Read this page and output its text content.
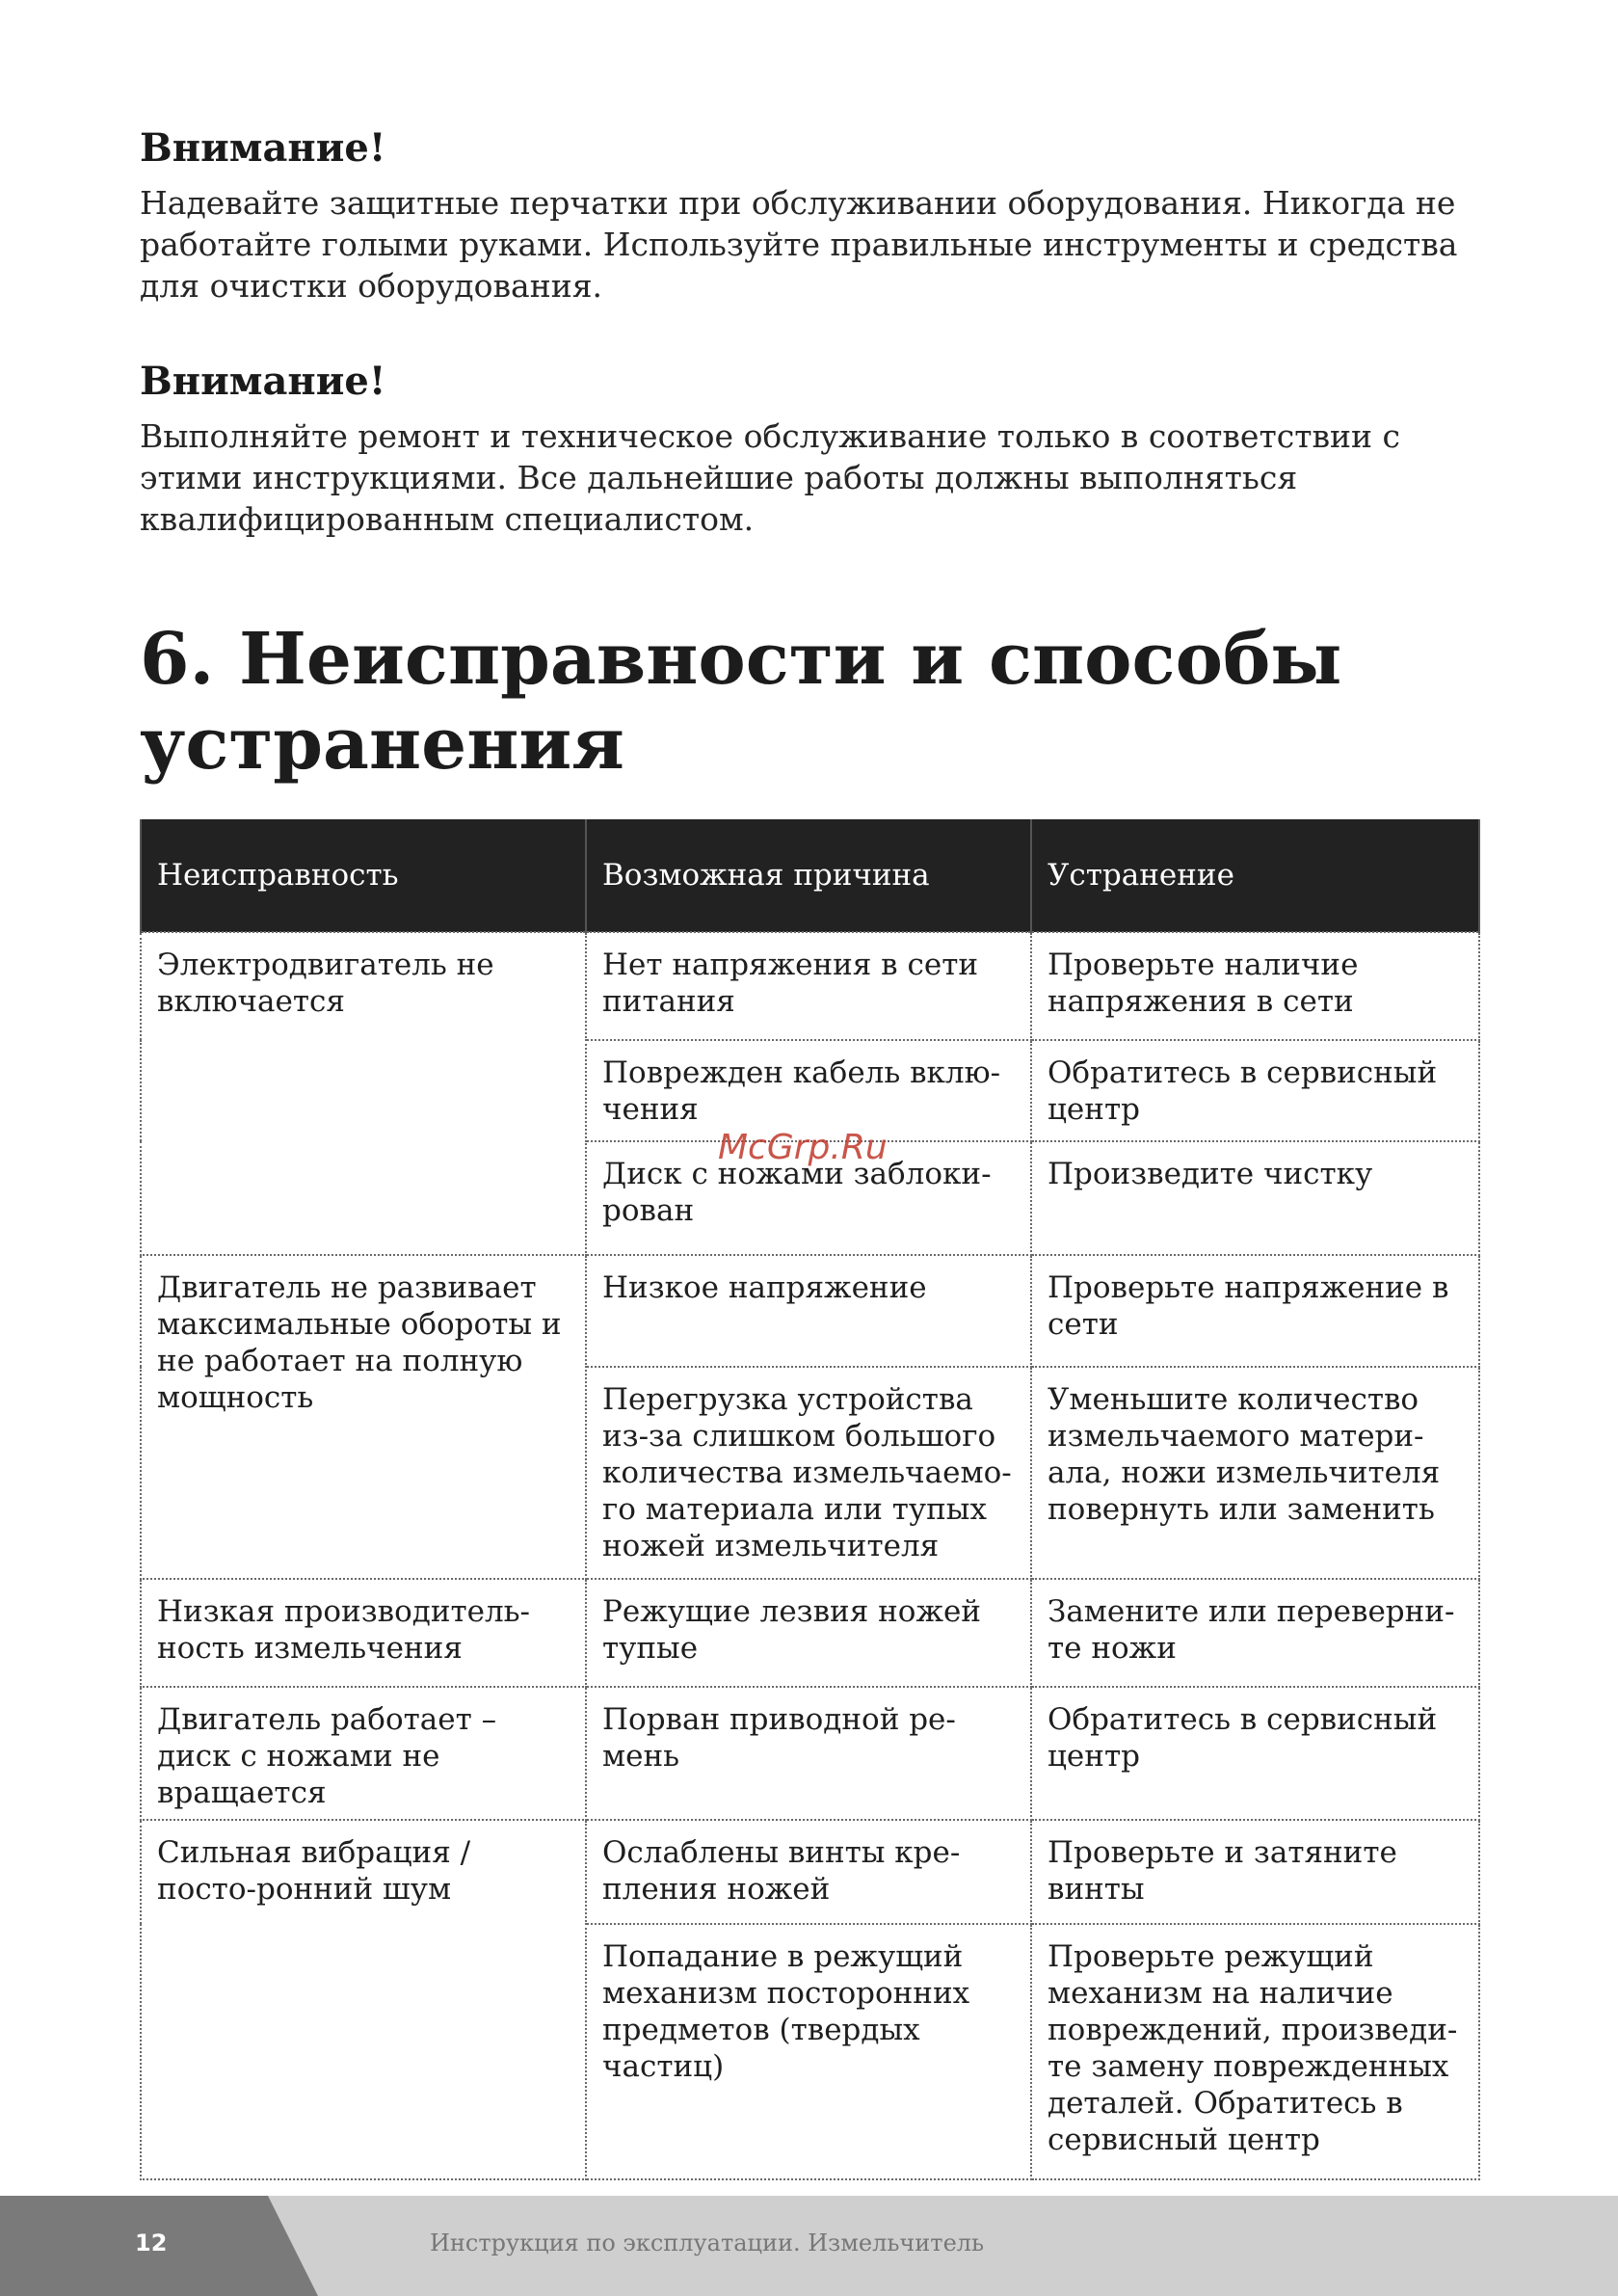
Внимание!

Надевайте защитные перчатки при обслуживании оборудования. Никогда не работайте голыми руками. Используйте правильные инструменты и средства для очистки оборудования.

Внимание!

Выполняйте ремонт и техническое обслуживание только в соответствии с этими инструкциями. Все дальнейшие работы должны выполняться квалифицированным специалистом.

6. Неисправности и способы устранения
Неисправность	Возможная причина	Устранение
Электродвигатель не включается	Нет напряжения в сети питания	Проверьте наличие напряжения в сети
	Поврежден кабель вклю-чения	Обратитесь в сервисный центр
	Диск с ножами заблоки-рован	Произведите чистку
Двигатель не развивает максимальные обороты и не работает на полную мощность	Низкое напряжение	Проверьте напряжение в сети
	Перегрузка устройства из-за слишком большого количества измельчаемо-го материала или тупых ножей измельчителя	Уменьшите количество измельчаемого матери-ала, ножи измельчителя повернуть или заменить
Низкая производитель-ность измельчения	Режущие лезвия ножей тупые	Замените или переверни-те ножи
Двигатель работает – диск с ножами не вращается	Порван приводной ре-мень	Обратитесь в сервисный центр
Сильная вибрация / посто-ронний шум	Ослаблены винты кре-пления ножей	Проверьте и затяните винты
	Попадание в режущий механизм посторонних предметов (твердых частиц)	Проверьте режущий механизм на наличие повреждений, произведи-те замену поврежденных деталей. Обратитесь в сервисный центр
McGrp.Ru
12	Инструкция по эксплуатации. Измельчитель
